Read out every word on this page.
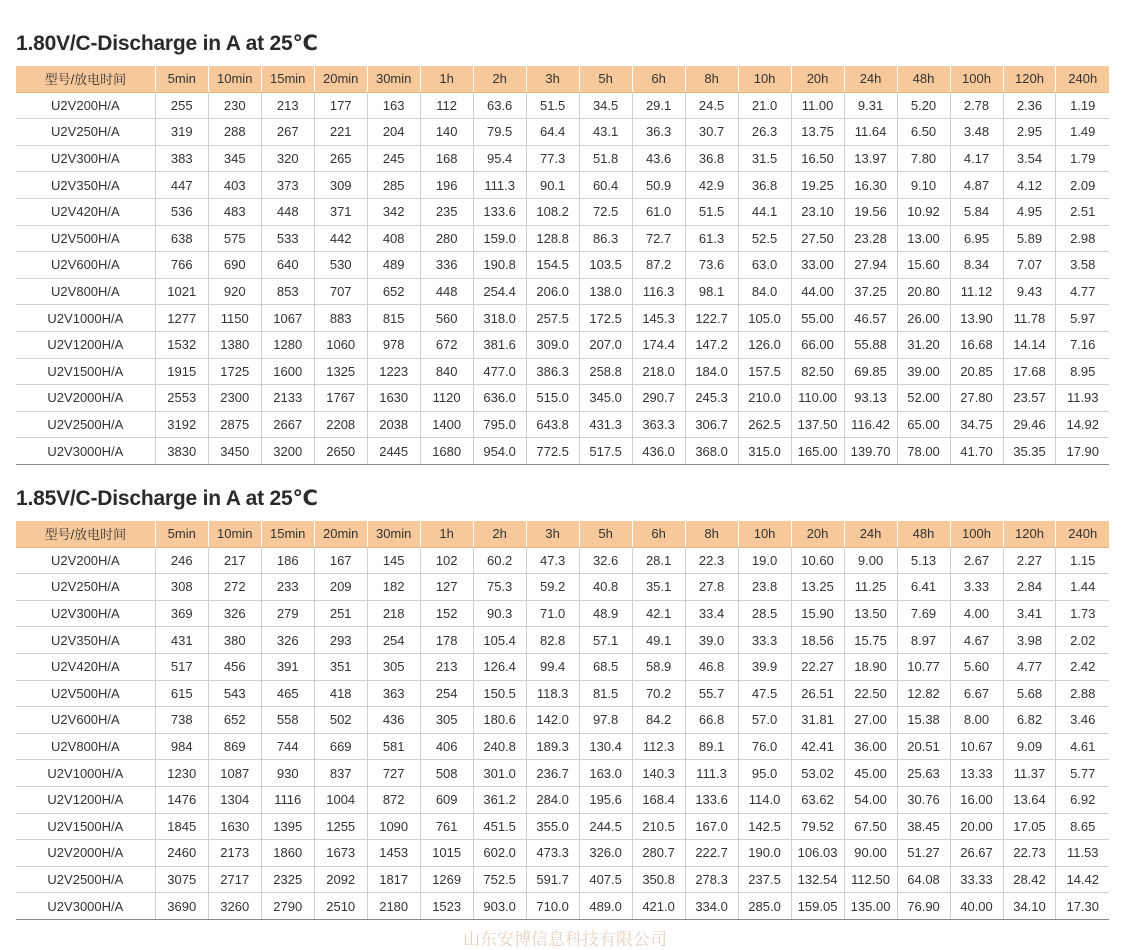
1.80V/C-Discharge in A at 25℃
型号/放电时间	5min	10min	15min	20min	30min	1h	2h	3h	5h	6h	8h	10h	20h	24h	48h	100h	120h	240h
U2V200H/A	255	230	213	177	163	112	63.6	51.5	34.5	29.1	24.5	21.0	11.00	9.31	5.20	2.78	2.36	1.19
U2V250H/A	319	288	267	221	204	140	79.5	64.4	43.1	36.3	30.7	26.3	13.75	11.64	6.50	3.48	2.95	1.49
U2V300H/A	383	345	320	265	245	168	95.4	77.3	51.8	43.6	36.8	31.5	16.50	13.97	7.80	4.17	3.54	1.79
U2V350H/A	447	403	373	309	285	196	111.3	90.1	60.4	50.9	42.9	36.8	19.25	16.30	9.10	4.87	4.12	2.09
U2V420H/A	536	483	448	371	342	235	133.6	108.2	72.5	61.0	51.5	44.1	23.10	19.56	10.92	5.84	4.95	2.51
U2V500H/A	638	575	533	442	408	280	159.0	128.8	86.3	72.7	61.3	52.5	27.50	23.28	13.00	6.95	5.89	2.98
U2V600H/A	766	690	640	530	489	336	190.8	154.5	103.5	87.2	73.6	63.0	33.00	27.94	15.60	8.34	7.07	3.58
U2V800H/A	1021	920	853	707	652	448	254.4	206.0	138.0	116.3	98.1	84.0	44.00	37.25	20.80	11.12	9.43	4.77
U2V1000H/A	1277	1150	1067	883	815	560	318.0	257.5	172.5	145.3	122.7	105.0	55.00	46.57	26.00	13.90	11.78	5.97
U2V1200H/A	1532	1380	1280	1060	978	672	381.6	309.0	207.0	174.4	147.2	126.0	66.00	55.88	31.20	16.68	14.14	7.16
U2V1500H/A	1915	1725	1600	1325	1223	840	477.0	386.3	258.8	218.0	184.0	157.5	82.50	69.85	39.00	20.85	17.68	8.95
U2V2000H/A	2553	2300	2133	1767	1630	1120	636.0	515.0	345.0	290.7	245.3	210.0	110.00	93.13	52.00	27.80	23.57	11.93
U2V2500H/A	3192	2875	2667	2208	2038	1400	795.0	643.8	431.3	363.3	306.7	262.5	137.50	116.42	65.00	34.75	29.46	14.92
U2V3000H/A	3830	3450	3200	2650	2445	1680	954.0	772.5	517.5	436.0	368.0	315.0	165.00	139.70	78.00	41.70	35.35	17.90
1.85V/C-Discharge in A at 25℃
型号/放电时间	5min	10min	15min	20min	30min	1h	2h	3h	5h	6h	8h	10h	20h	24h	48h	100h	120h	240h
U2V200H/A	246	217	186	167	145	102	60.2	47.3	32.6	28.1	22.3	19.0	10.60	9.00	5.13	2.67	2.27	1.15
U2V250H/A	308	272	233	209	182	127	75.3	59.2	40.8	35.1	27.8	23.8	13.25	11.25	6.41	3.33	2.84	1.44
U2V300H/A	369	326	279	251	218	152	90.3	71.0	48.9	42.1	33.4	28.5	15.90	13.50	7.69	4.00	3.41	1.73
U2V350H/A	431	380	326	293	254	178	105.4	82.8	57.1	49.1	39.0	33.3	18.56	15.75	8.97	4.67	3.98	2.02
U2V420H/A	517	456	391	351	305	213	126.4	99.4	68.5	58.9	46.8	39.9	22.27	18.90	10.77	5.60	4.77	2.42
U2V500H/A	615	543	465	418	363	254	150.5	118.3	81.5	70.2	55.7	47.5	26.51	22.50	12.82	6.67	5.68	2.88
U2V600H/A	738	652	558	502	436	305	180.6	142.0	97.8	84.2	66.8	57.0	31.81	27.00	15.38	8.00	6.82	3.46
U2V800H/A	984	869	744	669	581	406	240.8	189.3	130.4	112.3	89.1	76.0	42.41	36.00	20.51	10.67	9.09	4.61
U2V1000H/A	1230	1087	930	837	727	508	301.0	236.7	163.0	140.3	111.3	95.0	53.02	45.00	25.63	13.33	11.37	5.77
U2V1200H/A	1476	1304	1116	1004	872	609	361.2	284.0	195.6	168.4	133.6	114.0	63.62	54.00	30.76	16.00	13.64	6.92
U2V1500H/A	1845	1630	1395	1255	1090	761	451.5	355.0	244.5	210.5	167.0	142.5	79.52	67.50	38.45	20.00	17.05	8.65
U2V2000H/A	2460	2173	1860	1673	1453	1015	602.0	473.3	326.0	280.7	222.7	190.0	106.03	90.00	51.27	26.67	22.73	11.53
U2V2500H/A	3075	2717	2325	2092	1817	1269	752.5	591.7	407.5	350.8	278.3	237.5	132.54	112.50	64.08	33.33	28.42	14.42
U2V3000H/A	3690	3260	2790	2510	2180	1523	903.0	710.0	489.0	421.0	334.0	285.0	159.05	135.00	76.90	40.00	34.10	17.30
山东安博信息科技有限公司
